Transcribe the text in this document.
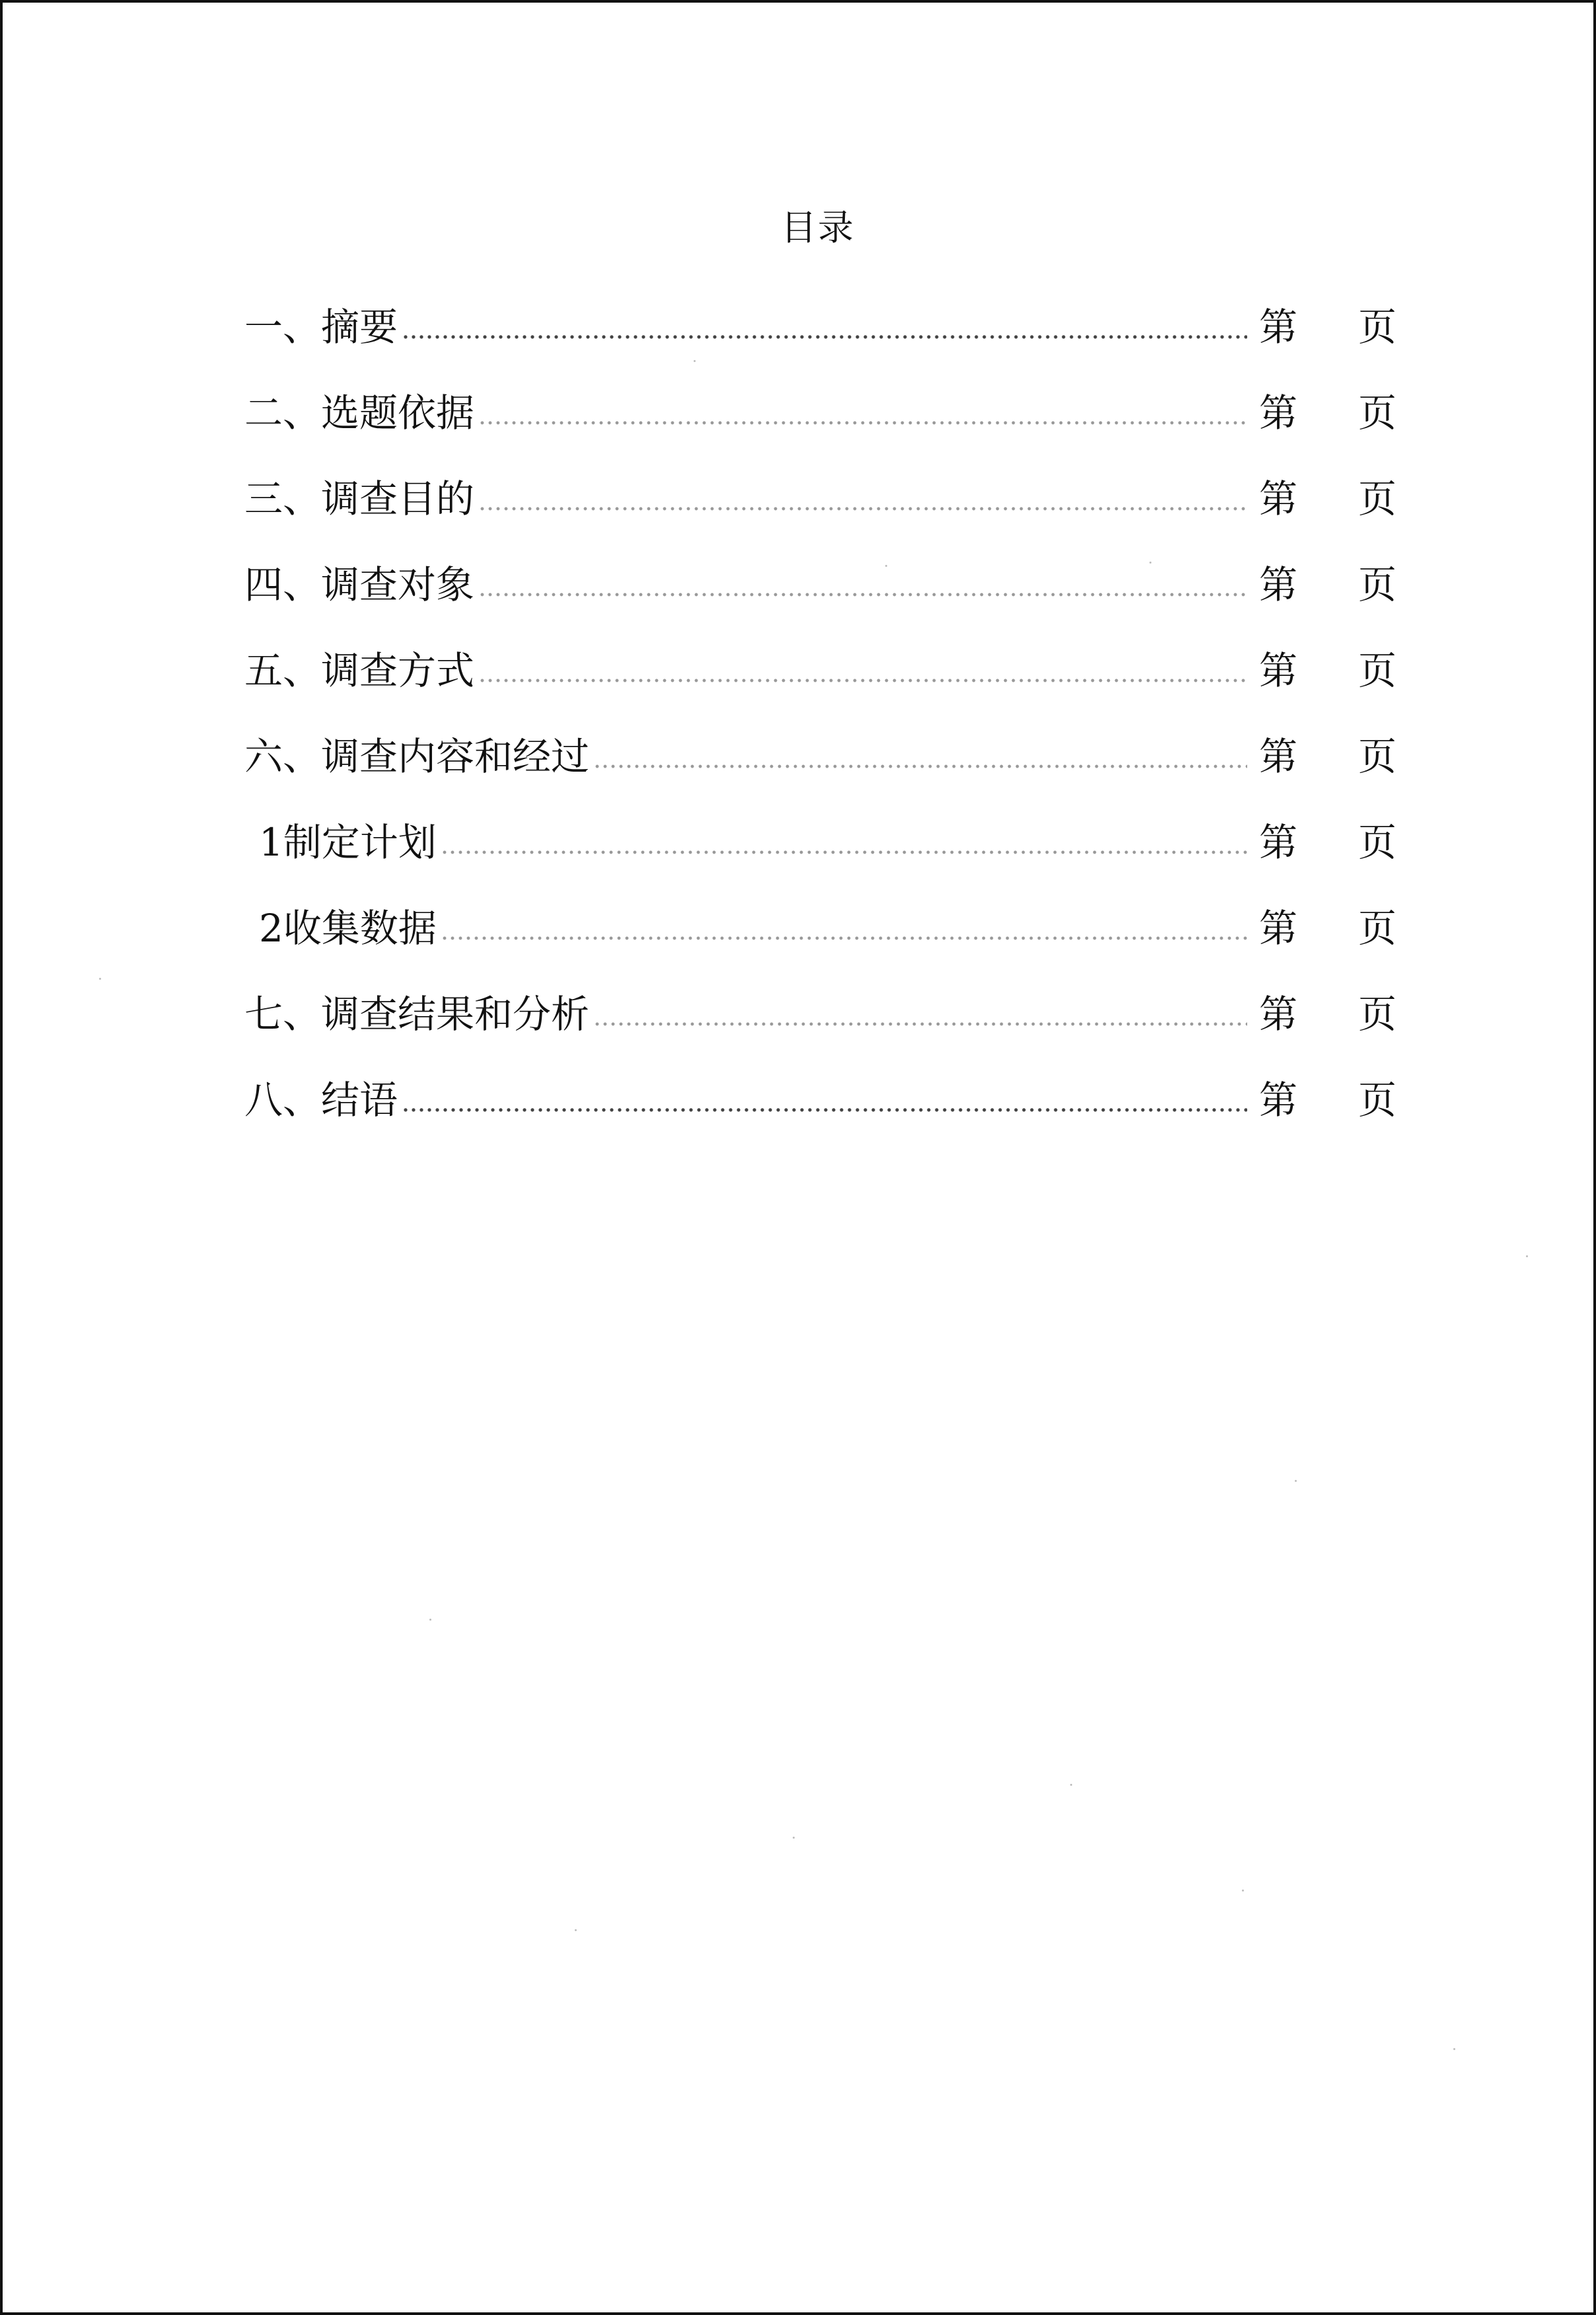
目录
一、摘要	第 页
二、选题依据	第 页
三、调查目的	第 页
四、调查对象	第 页
五、调查方式	第 页
六、调查内容和经过	第 页
1制定计划	第 页
2收集数据	第 页
七、调查结果和分析	第 页
八、结语	第 页
